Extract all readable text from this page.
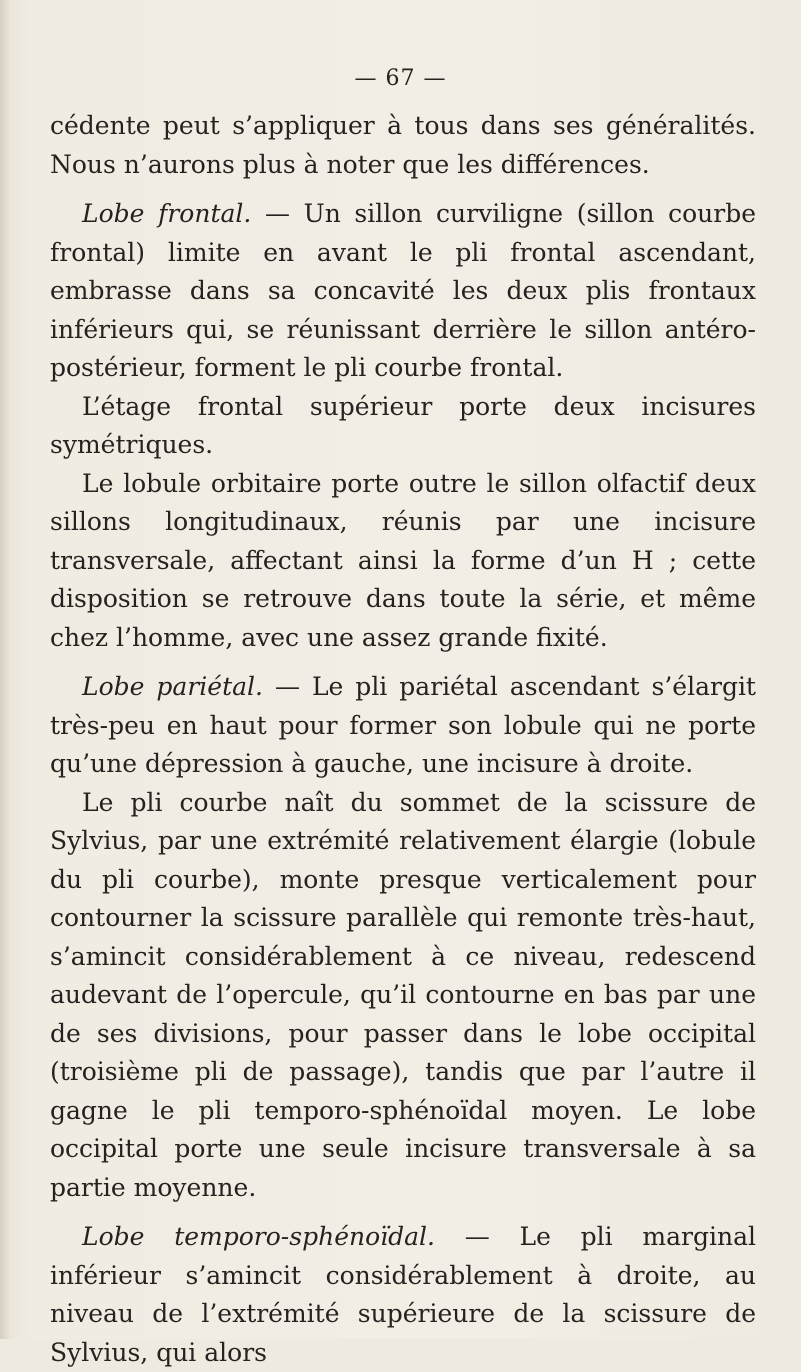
— 67 —

cédente peut s’appliquer à tous dans ses généralités. Nous n’aurons plus à noter que les différences.

Lobe frontal. — Un sillon curviligne (sillon courbe frontal) limite en avant le pli frontal ascendant, embrasse dans sa concavité les deux plis frontaux inférieurs qui, se réunissant derrière le sillon antéro-postérieur, forment le pli courbe frontal.

L’étage frontal supérieur porte deux incisures symétriques.

Le lobule orbitaire porte outre le sillon olfactif deux sillons longitudinaux, réunis par une incisure transversale, affectant ainsi la forme d’un H ; cette disposition se retrouve dans toute la série, et même chez l’homme, avec une assez grande fixité.

Lobe pariétal. — Le pli pariétal ascendant s’élargit très-peu en haut pour former son lobule qui ne porte qu’une dépression à gauche, une incisure à droite.

Le pli courbe naît du sommet de la scissure de Sylvius, par une extrémité relativement élargie (lobule du pli courbe), monte presque verticalement pour contourner la scissure parallèle qui remonte très-haut, s’amincit considérablement à ce niveau, redescend audevant de l’opercule, qu’il contourne en bas par une de ses divisions, pour passer dans le lobe occipital (troisième pli de passage), tandis que par l’autre il gagne le pli temporo-sphénoïdal moyen. Le lobe occipital porte une seule incisure transversale à sa partie moyenne.

Lobe temporo-sphénoïdal. — Le pli marginal inférieur s’amincit considérablement à droite, au niveau de l’extrémité supérieure de la scissure de Sylvius, qui alors
